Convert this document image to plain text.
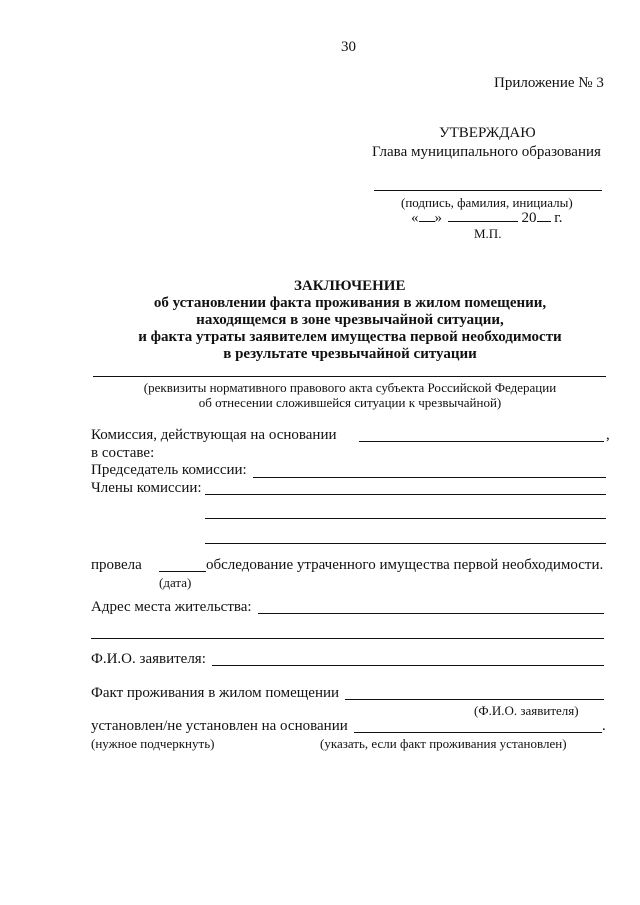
30
Приложение № 3
УТВЕРЖДАЮ
Глава муниципального образования
(подпись, фамилия, инициалы)
« »	20 г.
М.П.
ЗАКЛЮЧЕНИЕ
об установлении факта проживания в жилом помещении,
находящемся в зоне чрезвычайной ситуации,
и факта утраты заявителем имущества первой необходимости
в результате чрезвычайной ситуации
(реквизиты нормативного правового акта субъекта Российской Федерации
об отнесении сложившейся ситуации к чрезвычайной)
Комиссия, действующая на основании	,
в составе:
Председатель комиссии:
Члены комиссии:
провела	обследование утраченного имущества первой необходимости.
(дата)
Адрес места жительства:
Ф.И.О. заявителя:
Факт проживания в жилом помещении
(Ф.И.О. заявителя)
установлен/не установлен на основании	.
(нужное подчеркнуть)	(указать, если факт проживания установлен)
